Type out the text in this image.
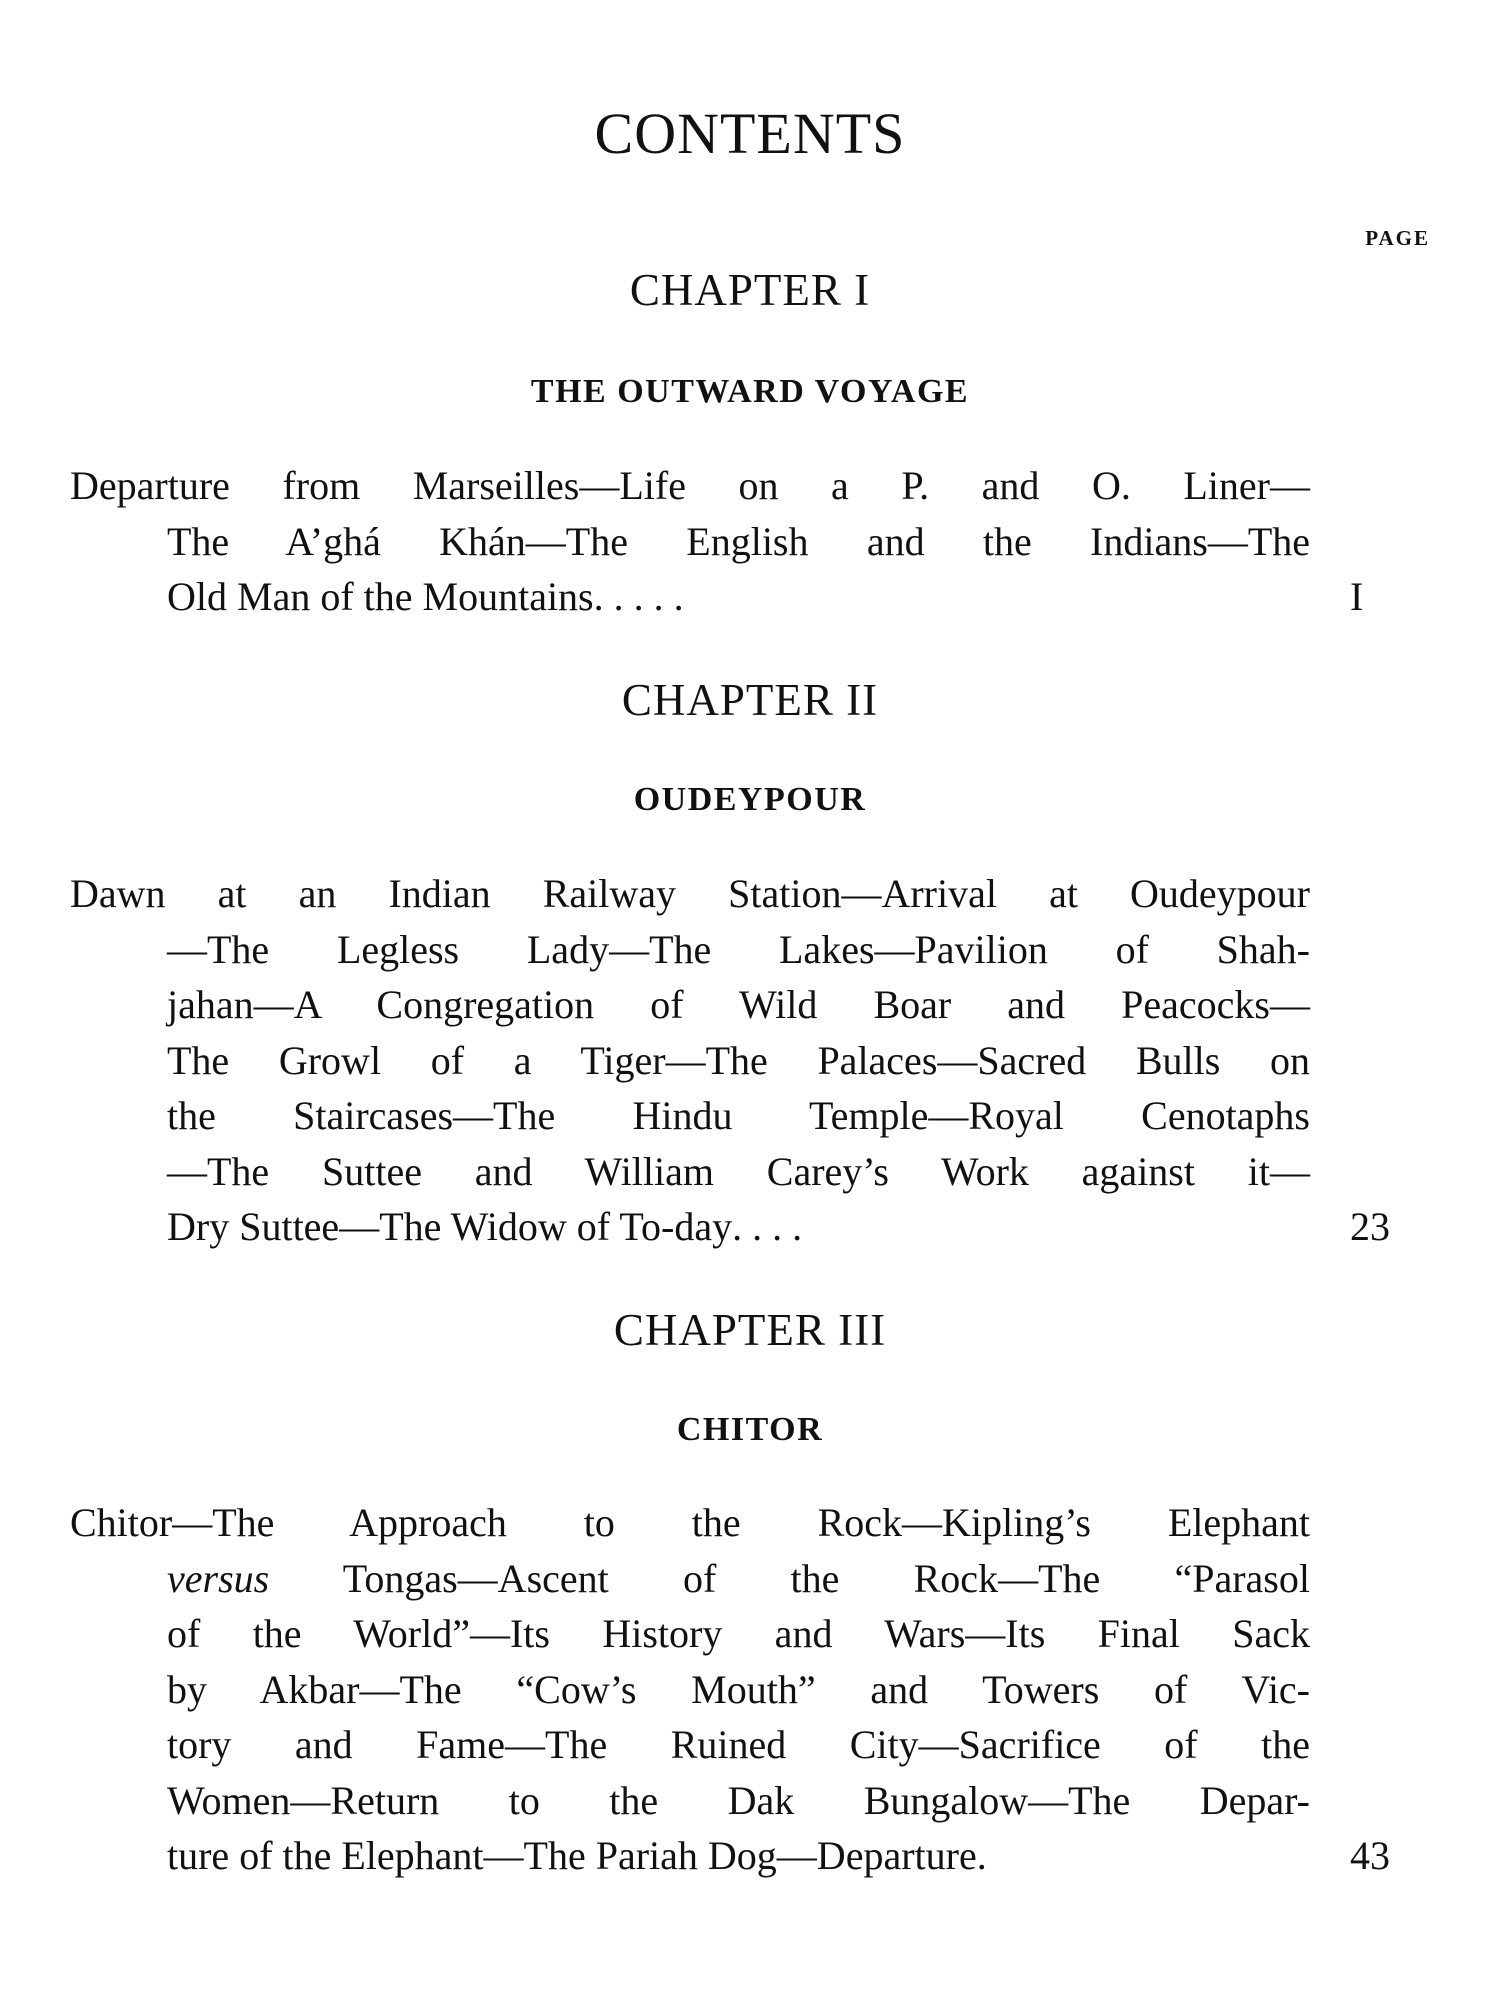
CONTENTS
PAGE
CHAPTER I
THE OUTWARD VOYAGE
Departure from Marseilles—Life on a P. and O. Liner—
The A’ghá Khán—The English and the Indians—The
Old Man of the Mountains . . . . .	I
CHAPTER II
OUDEYPOUR
Dawn at an Indian Railway Station—Arrival at Oudeypour
—The Legless Lady—The Lakes—Pavilion of Shah-
jahan—A Congregation of Wild Boar and Peacocks—
The Growl of a Tiger—The Palaces—Sacred Bulls on
the Staircases—The Hindu Temple—Royal Cenotaphs
—The Suttee and William Carey’s Work against it—
Dry Suttee—The Widow of To-day . . . .	23
CHAPTER III
CHITOR
Chitor—The Approach to the Rock—Kipling’s Elephant
versus Tongas—Ascent of the Rock—The “Parasol
of the World”—Its History and Wars—Its Final Sack
by Akbar—The “Cow’s Mouth” and Towers of Vic-
tory and Fame—The Ruined City—Sacrifice of the
Women—Return to the Dak Bungalow—The Depar-
ture of the Elephant—The Pariah Dog—Departure .	43
